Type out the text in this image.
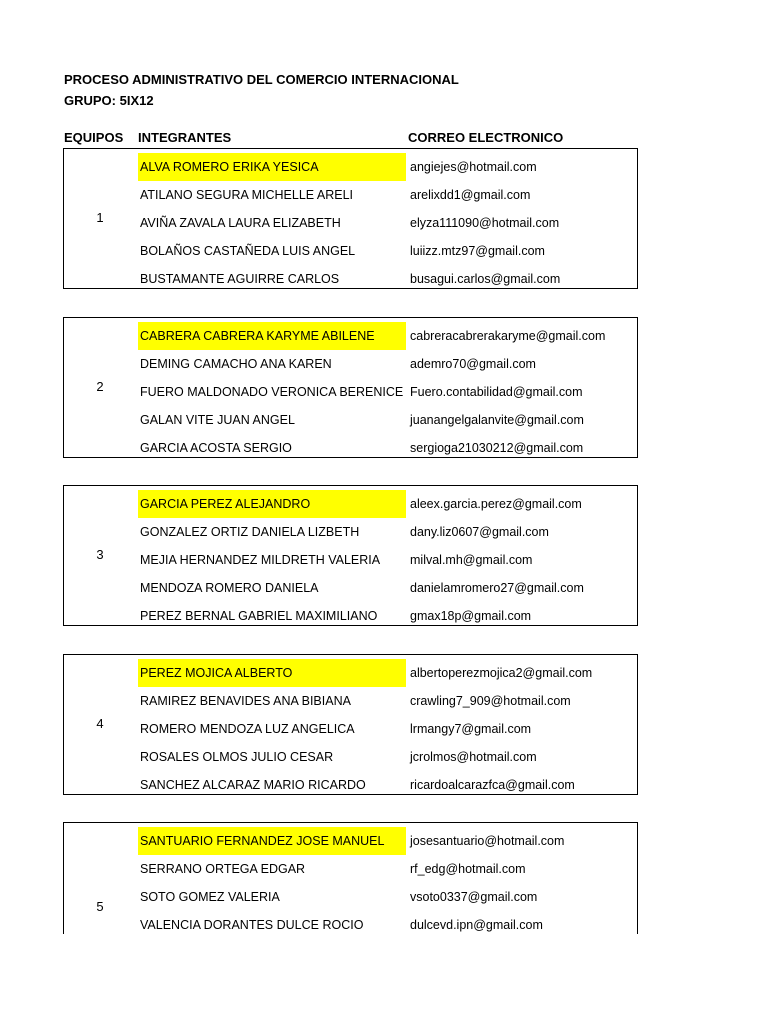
PROCESO ADMINISTRATIVO DEL COMERCIO INTERNACIONAL
GRUPO: 5IX12
EQUIPOS INTEGRANTES	CORREO ELECTRONICO
1
ALVA ROMERO ERIKA YESICA	angiejes@hotmail.com
ATILANO SEGURA MICHELLE ARELI	arelixdd1@gmail.com
AVIÑA ZAVALA LAURA ELIZABETH	elyza111090@hotmail.com
BOLAÑOS CASTAÑEDA LUIS ANGEL	luiizz.mtz97@gmail.com
BUSTAMANTE AGUIRRE CARLOS	busagui.carlos@gmail.com
2
CABRERA CABRERA KARYME ABILENE	cabreracabrerakaryme@gmail.com
DEMING CAMACHO ANA KAREN	ademro70@gmail.com
FUERO MALDONADO VERONICA BERENICE Fuero.contabilidad@gmail.com
GALAN VITE JUAN ANGEL	juanangelgalanvite@gmail.com
GARCIA ACOSTA SERGIO	sergioga21030212@gmail.com
3
GARCIA PEREZ ALEJANDRO	aleex.garcia.perez@gmail.com
GONZALEZ ORTIZ DANIELA LIZBETH	dany.liz0607@gmail.com
MEJIA HERNANDEZ MILDRETH VALERIA	milval.mh@gmail.com
MENDOZA ROMERO DANIELA	danielamromero27@gmail.com
PEREZ BERNAL GABRIEL MAXIMILIANO	gmax18p@gmail.com
4
PEREZ MOJICA ALBERTO	albertoperezmojica2@gmail.com
RAMIREZ BENAVIDES ANA BIBIANA	crawling7_909@hotmail.com
ROMERO MENDOZA LUZ ANGELICA	lrmangy7@gmail.com
ROSALES OLMOS JULIO CESAR	jcrolmos@hotmail.com
SANCHEZ ALCARAZ MARIO RICARDO	ricardoalcarazfca@gmail.com
5
SANTUARIO FERNANDEZ JOSE MANUEL	josesantuario@hotmail.com
SERRANO ORTEGA EDGAR	rf_edg@hotmail.com
SOTO GOMEZ VALERIA	vsoto0337@gmail.com
VALENCIA DORANTES DULCE ROCIO	dulcevd.ipn@gmail.com
